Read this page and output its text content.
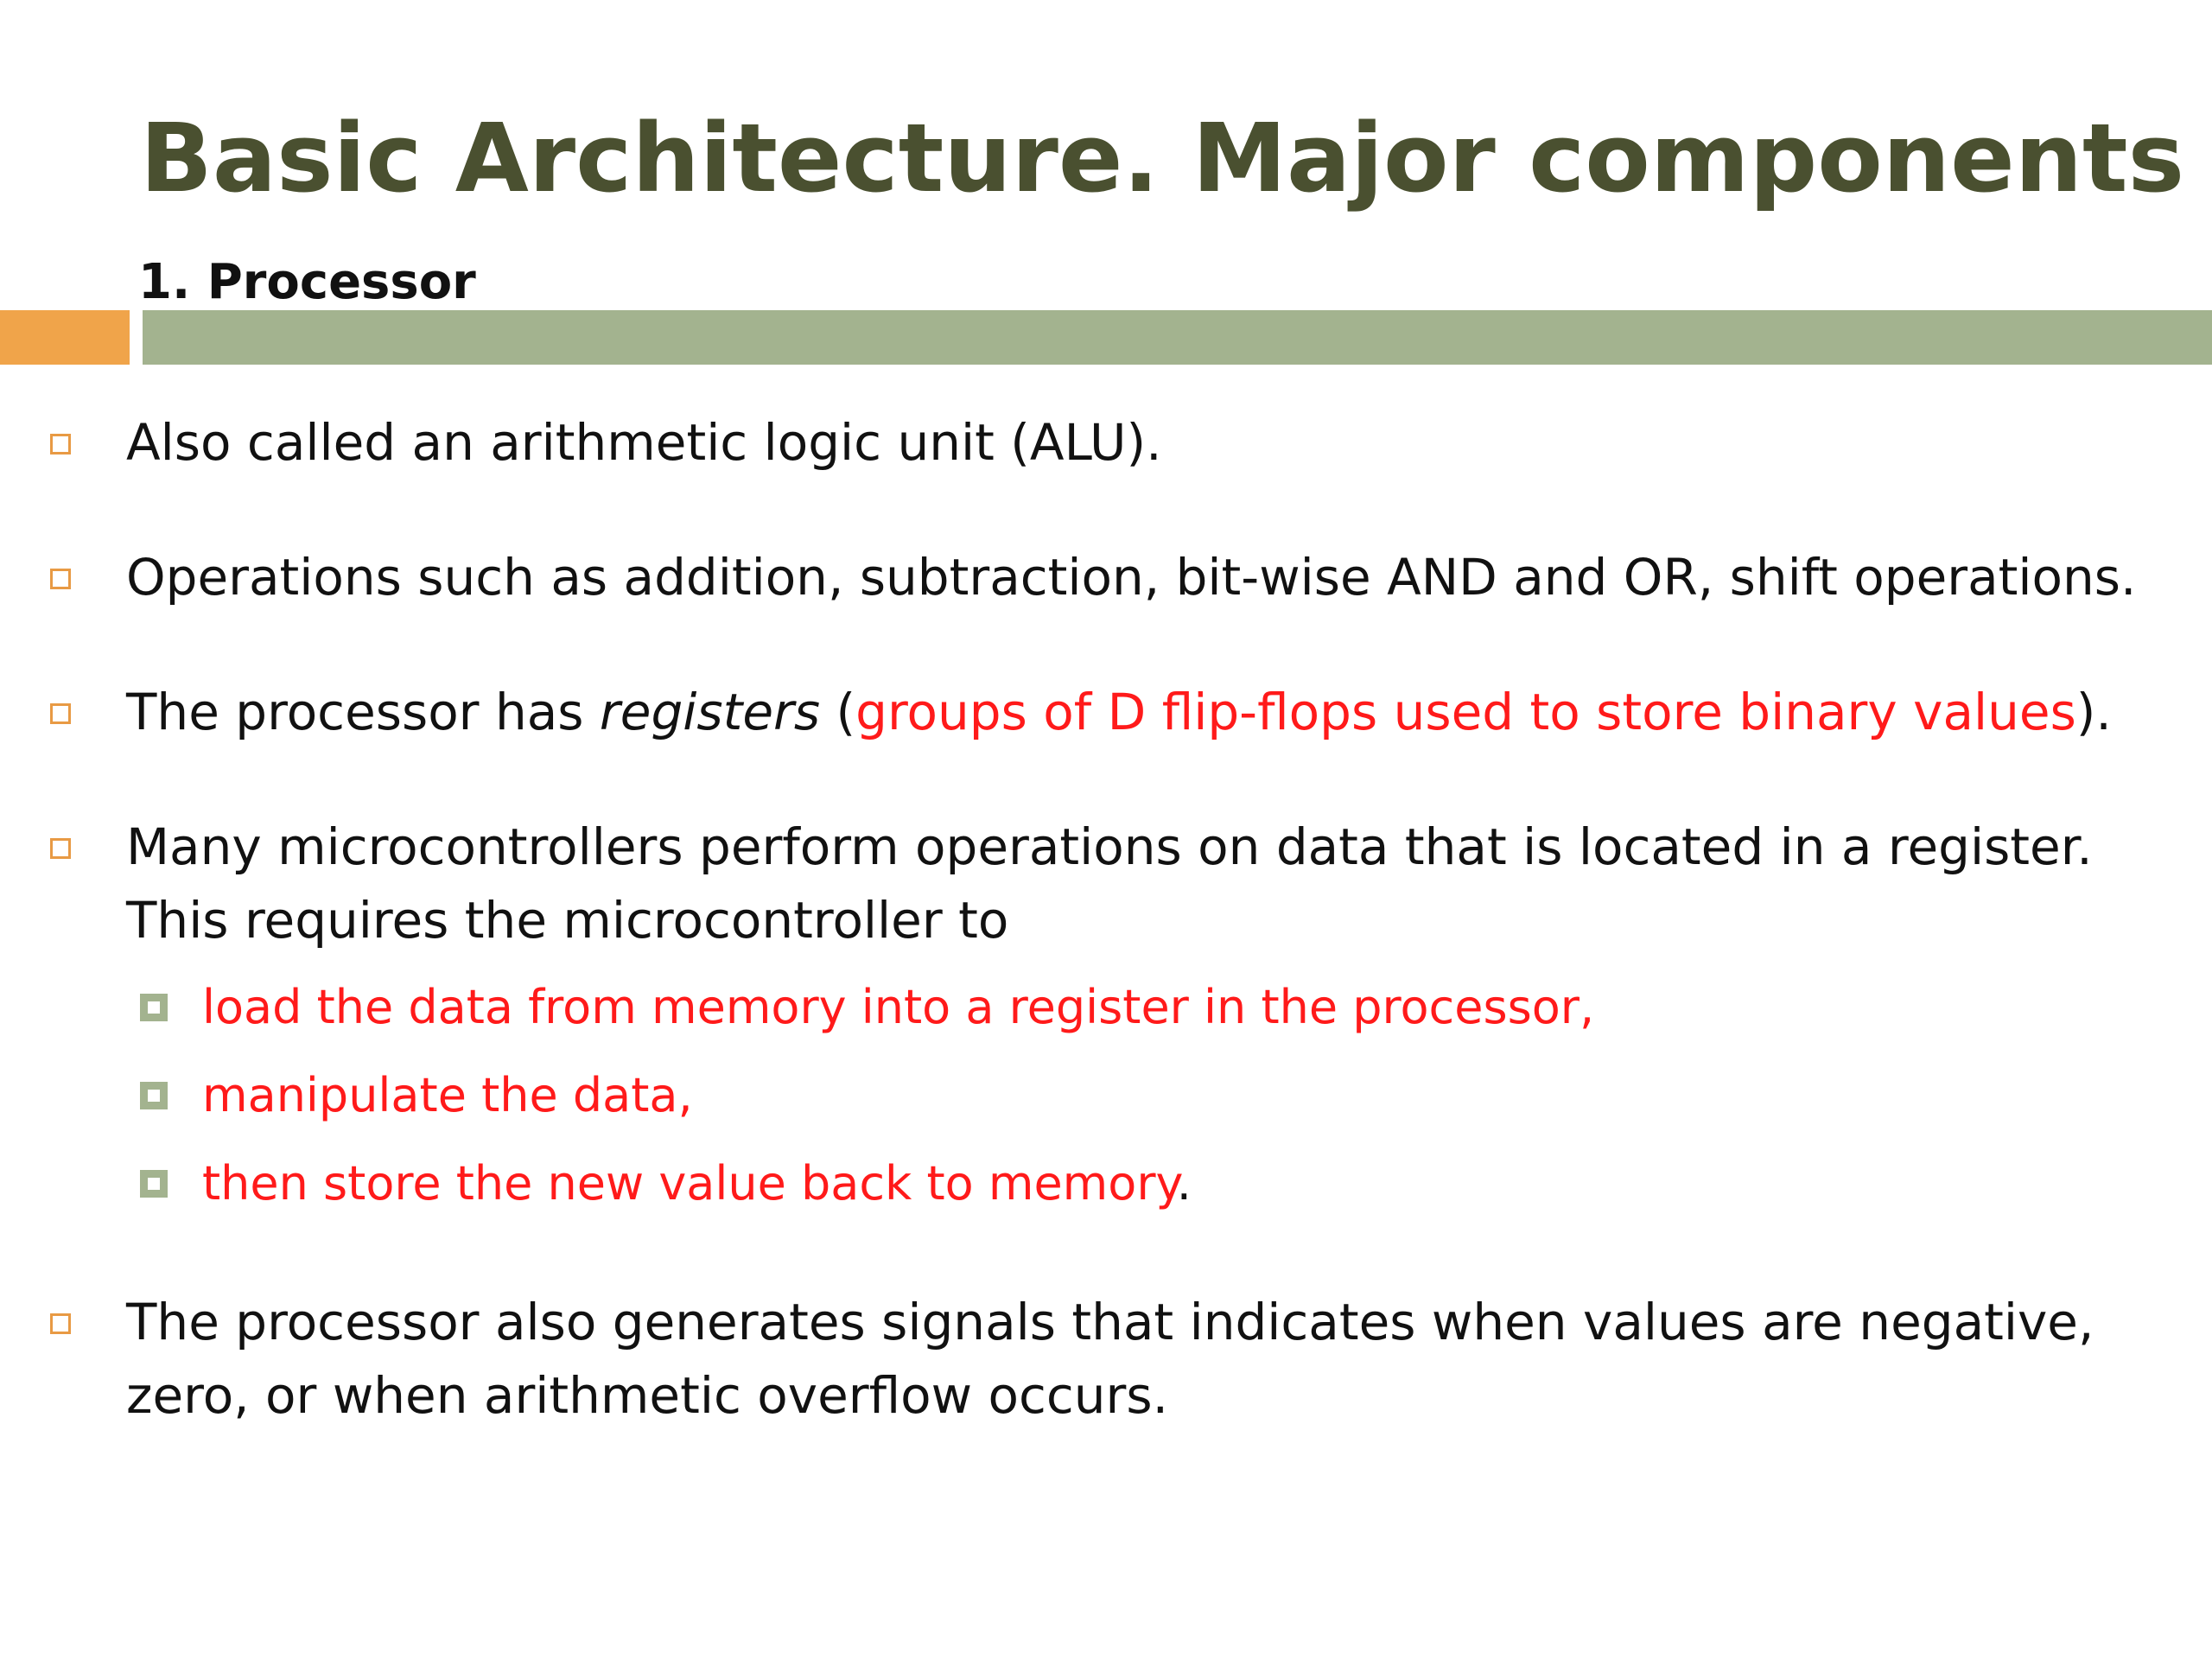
Basic Architecture. Major components
1. Processor

Also called an arithmetic logic unit (ALU).

Operations such as addition, subtraction, bit-wise AND and OR, shift operations.

The processor has registers (groups of D flip-flops used to store binary values).

Many microcontrollers perform operations on data that is located in a register. This requires the microcontroller to

load the data from memory into a register in the processor,

manipulate the data,

then store the new value back to memory.

The processor also generates signals that indicates when values are negative, zero, or when arithmetic overflow occurs.
